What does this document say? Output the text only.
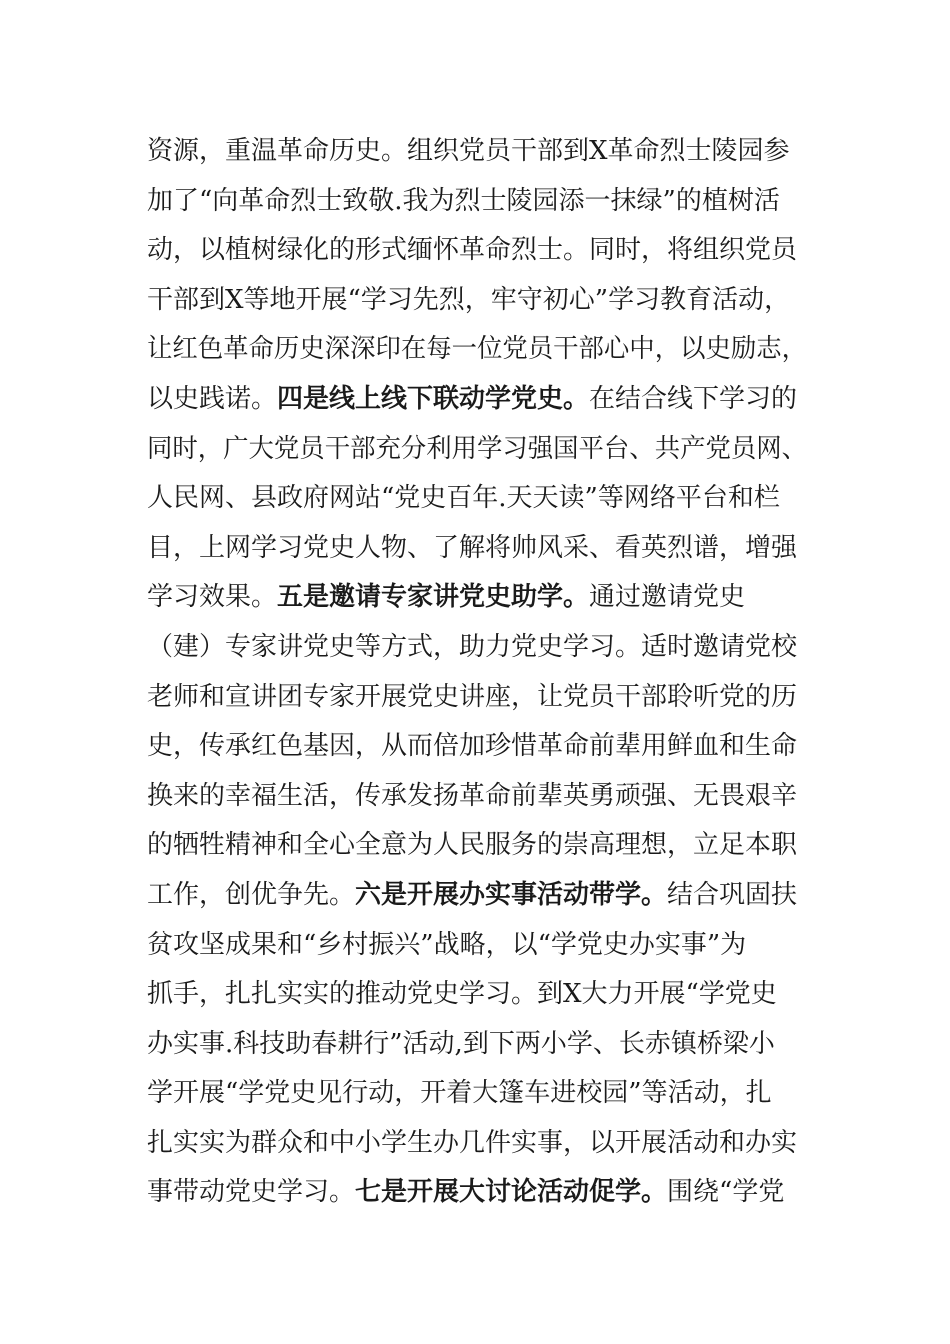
资源，重温革命历史。组织党员干部到X革命烈士陵园参
加了“向革命烈士致敬.我为烈士陵园添一抹绿”的植树活
动，以植树绿化的形式缅怀革命烈士。同时，将组织党员
干部到X等地开展“学习先烈，牢守初心”学习教育活动，
让红色革命历史深深印在每一位党员干部心中，以史励志，
以史践诺。四是线上线下联动学党史。在结合线下学习的
同时，广大党员干部充分利用学习强国平台、共产党员网、
人民网、县政府网站“党史百年.天天读”等网络平台和栏
目，上网学习党史人物、了解将帅风采、看英烈谱，增强
学习效果。五是邀请专家讲党史助学。通过邀请党史
（建）专家讲党史等方式，助力党史学习。适时邀请党校
老师和宣讲团专家开展党史讲座，让党员干部聆听党的历
史，传承红色基因，从而倍加珍惜革命前辈用鲜血和生命
换来的幸福生活，传承发扬革命前辈英勇顽强、无畏艰辛
的牺牲精神和全心全意为人民服务的崇高理想，立足本职
工作，创优争先。六是开展办实事活动带学。结合巩固扶
贫攻坚成果和“乡村振兴”战略，以“学党史办实事”为
抓手，扎扎实实的推动党史学习。到X大力开展“学党史
办实事.科技助春耕行”活动,到下两小学、长赤镇桥梁小
学开展“学党史见行动，开着大篷车进校园”等活动，扎
扎实实为群众和中小学生办几件实事，以开展活动和办实
事带动党史学习。七是开展大讨论活动促学。围绕“学党
